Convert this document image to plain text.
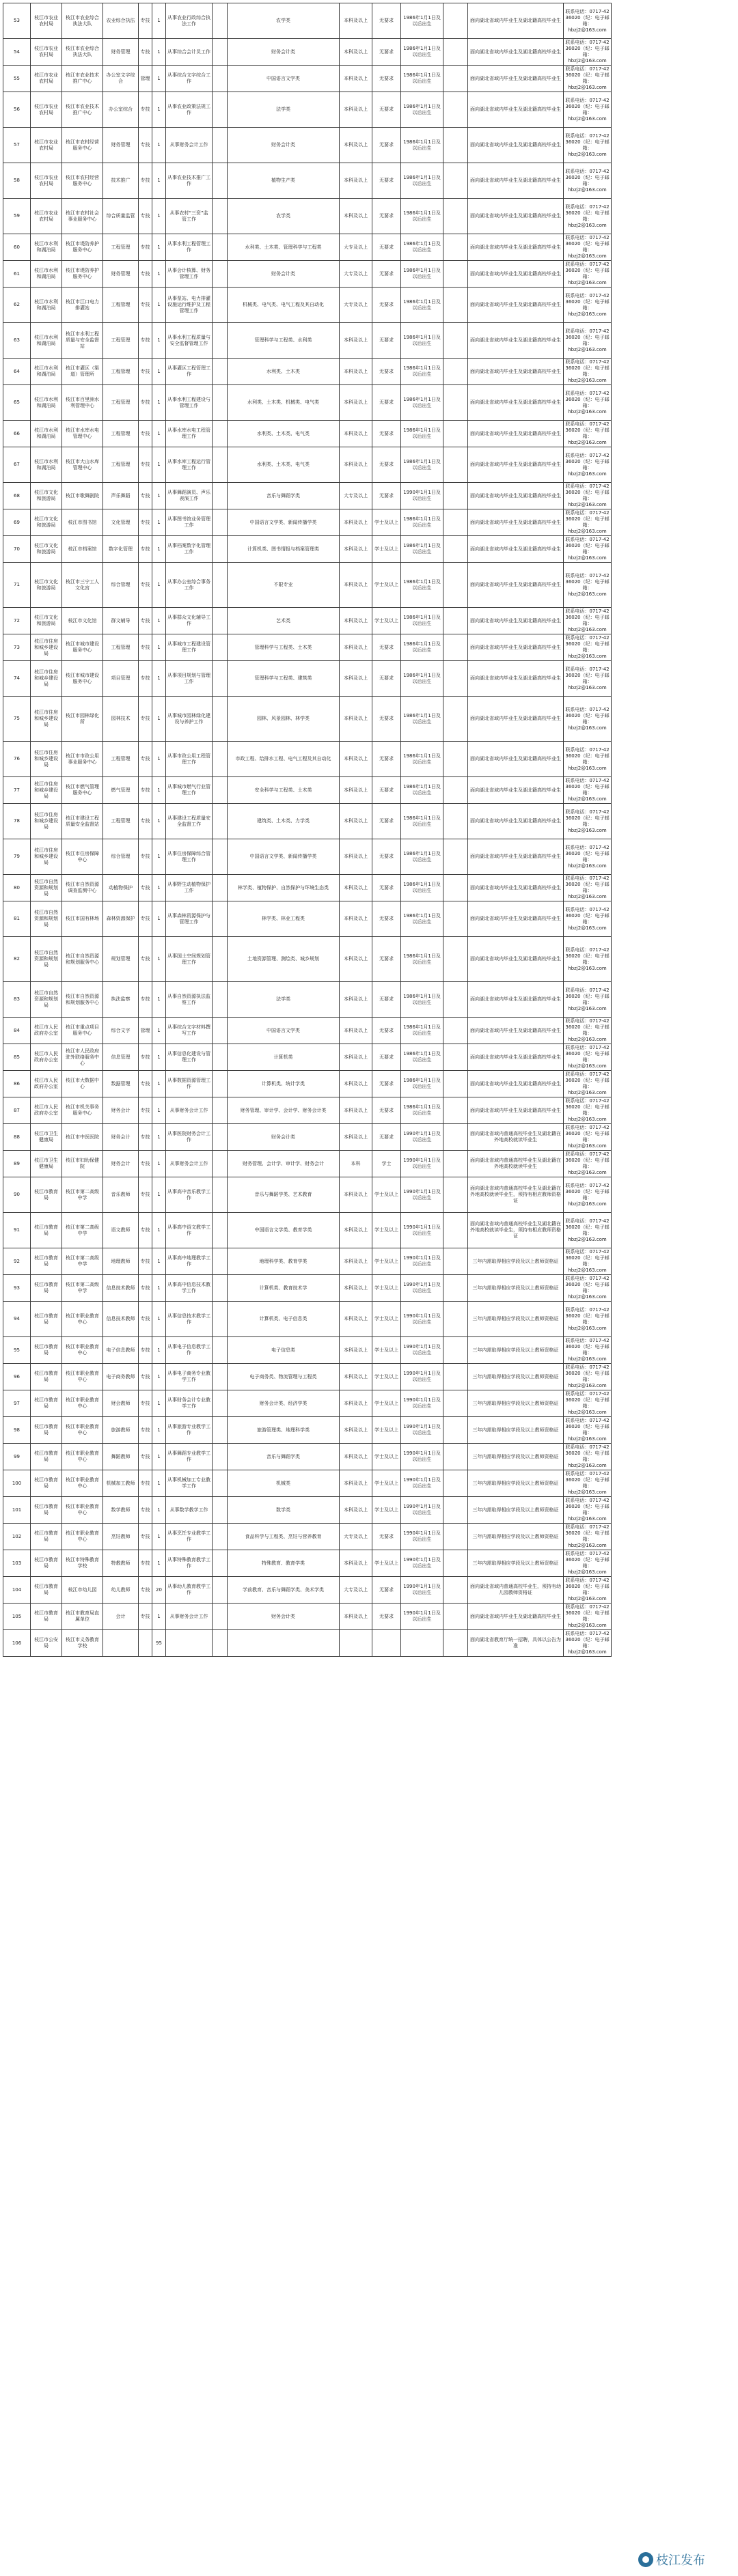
53	枝江市农业农村局	枝江市农业综合执法大队	农业综合执法	专技	1	从事农业行政综合执法工作		农学类	本科及以上	无要求	1986年1月1日及以后出生		面向湖北省域内毕业生及湖北籍高校毕业生	联系电话：0717-4236020（纪：电子邮箱：
hbzj2@163.com
54	枝江市农业农村局	枝江市农业综合执法大队	财务管理	专技	1	从事综合会计员工作		财务会计类	本科及以上	无要求	1986年1月1日及以后出生		面向湖北省域内毕业生及湖北籍高校毕业生	联系电话：0717-4236020（纪：电子邮箱：
hbzj2@163.com
55	枝江市农业农村局	枝江市农业技术推广中心	办公室文字综合	管理	1	从事综合文字综合工作		中国语言文学类	本科及以上	无要求	1986年1月1日及以后出生		面向湖北省域内毕业生及湖北籍高校毕业生	联系电话：0717-4236020（纪：电子邮箱：
hbzj2@163.com
56	枝江市农业农村局	枝江市农业技术推广中心	办公室综合	专技	1	从事农业政策法规工作		法学类	本科及以上	无要求	1986年1月1日及以后出生		面向湖北省域内毕业生及湖北籍高校毕业生	联系电话：0717-4236020（纪：电子邮箱：
hbzj2@163.com
57	枝江市农业农村局	枝江市农村经营服务中心	财务管理	专技	1	从事财务会计工作		财务会计类	本科及以上	无要求	1986年1月1日及以后出生		面向湖北省域内毕业生及湖北籍高校毕业生	联系电话：0717-4236020（纪：电子邮箱：
hbzj2@163.com
58	枝江市农业农村局	枝江市农村经营服务中心	技术推广	专技	1	从事农业技术推广工作		植物生产类	本科及以上	无要求	1986年1月1日及以后出生		面向湖北省域内毕业生及湖北籍高校毕业生	联系电话：0717-4236020（纪：电子邮箱：
hbzj2@163.com
59	枝江市农业农村局	枝江市农村社会事业服务中心	综合质量监管	专技	1	从事农村“三资”监管工作		农学类	本科及以上	无要求	1986年1月1日及以后出生		面向湖北省域内毕业生及湖北籍高校毕业生	联系电话：0717-4236020（纪：电子邮箱：
hbzj2@163.com
60	枝江市水利和湖泊局	枝江市堤防养护服务中心	工程管理	专技	1	从事水利工程管理工作		水利类、土木类、管理科学与工程类	大专及以上	无要求	1986年1月1日及以后出生		面向湖北省域内毕业生及湖北籍高校毕业生	联系电话：0717-4236020（纪：电子邮箱：
hbzj2@163.com
61	枝江市水利和湖泊局	枝江市堤防养护服务中心	财务管理	专技	1	从事会计核算、财务管理工作		财务会计类	大专及以上	无要求	1986年1月1日及以后出生		面向湖北省域内毕业生及湖北籍高校毕业生	联系电话：0717-4236020（纪：电子邮箱：
hbzj2@163.com
62	枝江市水利和湖泊局	枝江市江口电力排灌站	工程管理	专技	1	从事泵站、电力排灌设施运行维护及工程管理工作		机械类、电气类、电气工程及其自动化	大专及以上	无要求	1986年1月1日及以后出生		面向湖北省域内毕业生及湖北籍高校毕业生	联系电话：0717-4236020（纪：电子邮箱：
hbzj2@163.com
63	枝江市水利和湖泊局	枝江市水利工程质量与安全监督站	工程管理	专技	1	从事水利工程质量与安全监督管理工作		管理科学与工程类、水利类	本科及以上	无要求	1986年1月1日及以后出生		面向湖北省域内毕业生及湖北籍高校毕业生	联系电话：0717-4236020（纪：电子邮箱：
hbzj2@163.com
64	枝江市水利和湖泊局	枝江市灌区（渠道）管理所	工程管理	专技	1	从事灌区工程管理工作		水利类、土木类	本科及以上	无要求	1986年1月1日及以后出生		面向湖北省域内毕业生及湖北籍高校毕业生	联系电话：0717-4236020（纪：电子邮箱：
hbzj2@163.com
65	枝江市水利和湖泊局	枝江市百里洲水利管理中心	工程管理	专技	1	从事水利工程建设与管理工作		水利类、土木类、机械类、电气类	本科及以上	无要求	1986年1月1日及以后出生		面向湖北省域内毕业生及湖北籍高校毕业生	联系电话：0717-4236020（纪：电子邮箱：
hbzj2@163.com
66	枝江市水利和湖泊局	枝江市水库水电管理中心	工程管理	专技	1	从事水库水电工程管理工作		水利类、土木类、电气类	本科及以上	无要求	1986年1月1日及以后出生		面向湖北省域内毕业生及湖北籍高校毕业生	联系电话：0717-4236020（纪：电子邮箱：
hbzj2@163.com
67	枝江市水利和湖泊局	枝江市大山水库管理中心	工程管理	专技	1	从事水库工程运行管理工作		水利类、土木类、电气类	本科及以上	无要求	1986年1月1日及以后出生		面向湖北省域内毕业生及湖北籍高校毕业生	联系电话：0717-4236020（纪：电子邮箱：
hbzj2@163.com
68	枝江市文化和旅游局	枝江市歌舞剧院	声乐舞蹈	专技	1	从事舞蹈演员、声乐表演工作		音乐与舞蹈学类	大专及以上	无要求	1990年1月1日及以后出生		面向湖北省域内毕业生及湖北籍高校毕业生	联系电话：0717-4236020（纪：电子邮箱：
hbzj2@163.com
69	枝江市文化和旅游局	枝江市图书馆	文化管理	专技	1	从事图书馆业务管理工作		中国语言文学类、新闻传播学类	本科及以上	学士及以上	1986年1月1日及以后出生		面向湖北省域内毕业生及湖北籍高校毕业生	联系电话：0717-4236020（纪：电子邮箱：
hbzj2@163.com
70	枝江市文化和旅游局	枝江市档案馆	数字化管理	专技	1	从事档案数字化管理工作		计算机类、图书情报与档案管理类	本科及以上	学士及以上	1986年1月1日及以后出生		面向湖北省域内毕业生及湖北籍高校毕业生	联系电话：0717-4236020（纪：电子邮箱：
hbzj2@163.com
71	枝江市文化和旅游局	枝江市三宁工人文化宫	综合管理	专技	1	从事办公室综合事务工作		不限专业	本科及以上	学士及以上	1986年1月1日及以后出生		面向湖北省域内毕业生及湖北籍高校毕业生	联系电话：0717-4236020（纪：电子邮箱：
hbzj2@163.com
72	枝江市文化和旅游局	枝江市文化馆	群文辅导	专技	1	从事群众文化辅导工作		艺术类	本科及以上	学士及以上	1986年1月1日及以后出生		面向湖北省域内毕业生及湖北籍高校毕业生	联系电话：0717-4236020（纪：电子邮箱：
hbzj2@163.com
73	枝江市住房和城乡建设局	枝江市城市建设服务中心	工程管理	专技	1	从事城市工程建设管理工作		管理科学与工程类、土木类	本科及以上	无要求	1986年1月1日及以后出生		面向湖北省域内毕业生及湖北籍高校毕业生	联系电话：0717-4236020（纪：电子邮箱：
hbzj2@163.com
74	枝江市住房和城乡建设局	枝江市城市建设服务中心	项目管理	专技	1	从事项目规划与管理工作		管理科学与工程类、建筑类	本科及以上	无要求	1986年1月1日及以后出生		面向湖北省域内毕业生及湖北籍高校毕业生	联系电话：0717-4236020（纪：电子邮箱：
hbzj2@163.com
75	枝江市住房和城乡建设局	枝江市园林绿化所	园林技术	专技	1	从事城市园林绿化建设与养护工作		园林、风景园林、林学类	本科及以上	无要求	1986年1月1日及以后出生		面向湖北省域内毕业生及湖北籍高校毕业生	联系电话：0717-4236020（纪：电子邮箱：
hbzj2@163.com
76	枝江市住房和城乡建设局	枝江市市政公用事业服务中心	工程管理	专技	1	从事市政公用工程管理工作		市政工程、给排水工程、电气工程及其自动化	本科及以上	无要求	1986年1月1日及以后出生		面向湖北省域内毕业生及湖北籍高校毕业生	联系电话：0717-4236020（纪：电子邮箱：
hbzj2@163.com
77	枝江市住房和城乡建设局	枝江市燃气管理服务中心	燃气管理	专技	1	从事城市燃气行业管理工作		安全科学与工程类、土木类	本科及以上	无要求	1986年1月1日及以后出生		面向湖北省域内毕业生及湖北籍高校毕业生	联系电话：0717-4236020（纪：电子邮箱：
hbzj2@163.com
78	枝江市住房和城乡建设局	枝江市建设工程质量安全监督站	工程管理	专技	1	从事建设工程质量安全监督工作		建筑类、土木类、力学类	本科及以上	无要求	1986年1月1日及以后出生		面向湖北省域内毕业生及湖北籍高校毕业生	联系电话：0717-4236020（纪：电子邮箱：
hbzj2@163.com
79	枝江市住房和城乡建设局	枝江市住房保障中心	综合管理	专技	1	从事住房保障综合管理工作		中国语言文学类、新闻传播学类	本科及以上	无要求	1986年1月1日及以后出生		面向湖北省域内毕业生及湖北籍高校毕业生	联系电话：0717-4236020（纪：电子邮箱：
hbzj2@163.com
80	枝江市自然资源和规划局	枝江市自然资源调查监测中心	动植物保护	专技	1	从事野生动植物保护工作		林学类、植物保护、自然保护与环境生态类	本科及以上	无要求	1986年1月1日及以后出生		面向湖北省域内毕业生及湖北籍高校毕业生	联系电话：0717-4236020（纪：电子邮箱：
hbzj2@163.com
81	枝江市自然资源和规划局	枝江市国有林场	森林资源保护	专技	1	从事森林资源保护与管理工作		林学类、林业工程类	本科及以上	无要求	1986年1月1日及以后出生		面向湖北省域内毕业生及湖北籍高校毕业生	联系电话：0717-4236020（纪：电子邮箱：
hbzj2@163.com
82	枝江市自然资源和规划局	枝江市自然资源和规划服务中心	规划管理	专技	1	从事国土空间规划管理工作		土地资源管理、测绘类、城乡规划	本科及以上	无要求	1986年1月1日及以后出生		面向湖北省域内毕业生及湖北籍高校毕业生	联系电话：0717-4236020（纪：电子邮箱：
hbzj2@163.com
83	枝江市自然资源和规划局	枝江市自然资源和规划服务中心	执法监察	专技	1	从事自然资源执法监察工作		法学类	本科及以上	无要求	1986年1月1日及以后出生		面向湖北省域内毕业生及湖北籍高校毕业生	联系电话：0717-4236020（纪：电子邮箱：
hbzj2@163.com
84	枝江市人民政府办公室	枝江市重点项目服务中心	综合文字	管理	1	从事综合文字材料撰写工作		中国语言文学类	本科及以上	无要求	1986年1月1日及以后出生		面向湖北省域内毕业生及湖北籍高校毕业生	联系电话：0717-4236020（纪：电子邮箱：
hbzj2@163.com
85	枝江市人民政府办公室	枝江市人民政府驻外联络服务中心	信息管理	专技	1	从事信息化建设与管理工作		计算机类	本科及以上	无要求	1986年1月1日及以后出生		面向湖北省域内毕业生及湖北籍高校毕业生	联系电话：0717-4236020（纪：电子邮箱：
hbzj2@163.com
86	枝江市人民政府办公室	枝江市大数据中心	数据管理	专技	1	从事数据资源管理工作		计算机类、统计学类	本科及以上	无要求	1986年1月1日及以后出生		面向湖北省域内毕业生及湖北籍高校毕业生	联系电话：0717-4236020（纪：电子邮箱：
hbzj2@163.com
87	枝江市人民政府办公室	枝江市机关事务服务中心	财务会计	专技	1	从事财务会计工作		财务管理、审计学、会计学、财务会计类	本科及以上	无要求	1986年1月1日及以后出生		面向湖北省域内毕业生及湖北籍高校毕业生	联系电话：0717-4236020（纪：电子邮箱：
hbzj2@163.com
88	枝江市卫生健康局	枝江市中医医院	财务会计	专技	1	从事医院财务会计工作		财务会计类	本科及以上	无要求	1990年1月1日及以后出生		面向湖北省域内普通高校毕业生及湖北籍在外地高校就读毕业生	联系电话：0717-4236020（纪：电子邮箱：
hbzj2@163.com
89	枝江市卫生健康局	枝江市妇幼保健院	财务会计	专技	1	从事财务会计工作		财务管理、会计学、审计学、财务会计	本科	学士	1990年1月1日及以后出生		面向湖北省域内普通高校毕业生及湖北籍在外地高校就读毕业生	联系电话：0717-4236020（纪：电子邮箱：
hbzj2@163.com
90	枝江市教育局	枝江市第二高级中学	音乐教师	专技	1	从事高中音乐教学工作		音乐与舞蹈学类、艺术教育	本科及以上	学士及以上	1990年1月1日及以后出生		面向湖北省域内普通高校毕业生及湖北籍在外地高校就读毕业生，须持有相应教师资格证	联系电话：0717-4236020（纪：电子邮箱：
hbzj2@163.com
91	枝江市教育局	枝江市第二高级中学	语文教师	专技	1	从事高中语文教学工作		中国语言文学类、教育学类	本科及以上	学士及以上	1990年1月1日及以后出生		面向湖北省域内普通高校毕业生及湖北籍在外地高校就读毕业生，须持有相应教师资格证	联系电话：0717-4236020（纪：电子邮箱：
hbzj2@163.com
92	枝江市教育局	枝江市第二高级中学	地理教师	专技	1	从事高中地理教学工作		地理科学类、教育学类	本科及以上	学士及以上	1990年1月1日及以后出生		三年内需取得相应学段及以上教师资格证	联系电话：0717-4236020（纪：电子邮箱：
hbzj2@163.com
93	枝江市教育局	枝江市第二高级中学	信息技术教师	专技	1	从事高中信息技术教学工作		计算机类、教育技术学	本科及以上	学士及以上	1990年1月1日及以后出生		三年内需取得相应学段及以上教师资格证	联系电话：0717-4236020（纪：电子邮箱：
hbzj2@163.com
94	枝江市教育局	枝江市职业教育中心	信息技术教师	专技	1	从事信息技术教学工作		计算机类、电子信息类	本科及以上	学士及以上	1990年1月1日及以后出生		三年内需取得相应学段及以上教师资格证	联系电话：0717-4236020（纪：电子邮箱：
hbzj2@163.com
95	枝江市教育局	枝江市职业教育中心	电子信息教师	专技	1	从事电子信息教学工作		电子信息类	本科及以上	学士及以上	1990年1月1日及以后出生		三年内需取得相应学段及以上教师资格证	联系电话：0717-4236020（纪：电子邮箱：
hbzj2@163.com
96	枝江市教育局	枝江市职业教育中心	电子商务教师	专技	1	从事电子商务专业教学工作		电子商务类、物流管理与工程类	本科及以上	学士及以上	1990年1月1日及以后出生		三年内需取得相应学段及以上教师资格证	联系电话：0717-4236020（纪：电子邮箱：
hbzj2@163.com
97	枝江市教育局	枝江市职业教育中心	财会教师	专技	1	从事财务会计专业教学工作		财务会计类、经济学类	本科及以上	学士及以上	1990年1月1日及以后出生		三年内需取得相应学段及以上教师资格证	联系电话：0717-4236020（纪：电子邮箱：
hbzj2@163.com
98	枝江市教育局	枝江市职业教育中心	旅游教师	专技	1	从事旅游专业教学工作		旅游管理类、地理科学类	本科及以上	学士及以上	1990年1月1日及以后出生		三年内需取得相应学段及以上教师资格证	联系电话：0717-4236020（纪：电子邮箱：
hbzj2@163.com
99	枝江市教育局	枝江市职业教育中心	舞蹈教师	专技	1	从事舞蹈专业教学工作		音乐与舞蹈学类	本科及以上	学士及以上	1990年1月1日及以后出生		三年内需取得相应学段及以上教师资格证	联系电话：0717-4236020（纪：电子邮箱：
hbzj2@163.com
100	枝江市教育局	枝江市职业教育中心	机械加工教师	专技	1	从事机械加工专业教学工作		机械类	本科及以上	学士及以上	1990年1月1日及以后出生		三年内需取得相应学段及以上教师资格证	联系电话：0717-4236020（纪：电子邮箱：
hbzj2@163.com
101	枝江市教育局	枝江市职业教育中心	数学教师	专技	1	从事数学教学工作		数学类	本科及以上	学士及以上	1990年1月1日及以后出生		三年内需取得相应学段及以上教师资格证	联系电话：0717-4236020（纪：电子邮箱：
hbzj2@163.com
102	枝江市教育局	枝江市职业教育中心	烹饪教师	专技	1	从事烹饪专业教学工作		食品科学与工程类、烹饪与营养教育	大专及以上	无要求	1990年1月1日及以后出生		三年内需取得相应学段及以上教师资格证	联系电话：0717-4236020（纪：电子邮箱：
hbzj2@163.com
103	枝江市教育局	枝江市特殊教育学校	特教教师	专技	1	从事特殊教育教学工作		特殊教育、教育学类	本科及以上	学士及以上	1990年1月1日及以后出生		三年内需取得相应学段及以上教师资格证	联系电话：0717-4236020（纪：电子邮箱：
hbzj2@163.com
104	枝江市教育局	枝江市幼儿园	幼儿教师	专技	20	从事幼儿教育教学工作		学前教育、音乐与舞蹈学类、美术学类	大专及以上	无要求	1990年1月1日及以后出生		面向湖北省域内普通高校毕业生，须持有幼儿园教师资格证	联系电话：0717-4236020（纪：电子邮箱：
hbzj2@163.com
105	枝江市教育局	枝江市教育局直属单位	会计	专技	1	从事财务会计工作		财务会计类	本科及以上	无要求	1990年1月1日及以后出生		面向湖北省域内毕业生及湖北籍高校毕业生	联系电话：0717-4236020（纪：电子邮箱：
hbzj2@163.com
106	枝江市公安局	枝江市义务教育学校			95								面向湖北省教育厅统一招聘，具体以公告为准	联系电话：0717-4236020（纪：电子邮箱：
hbzj2@163.com
枝江发布
